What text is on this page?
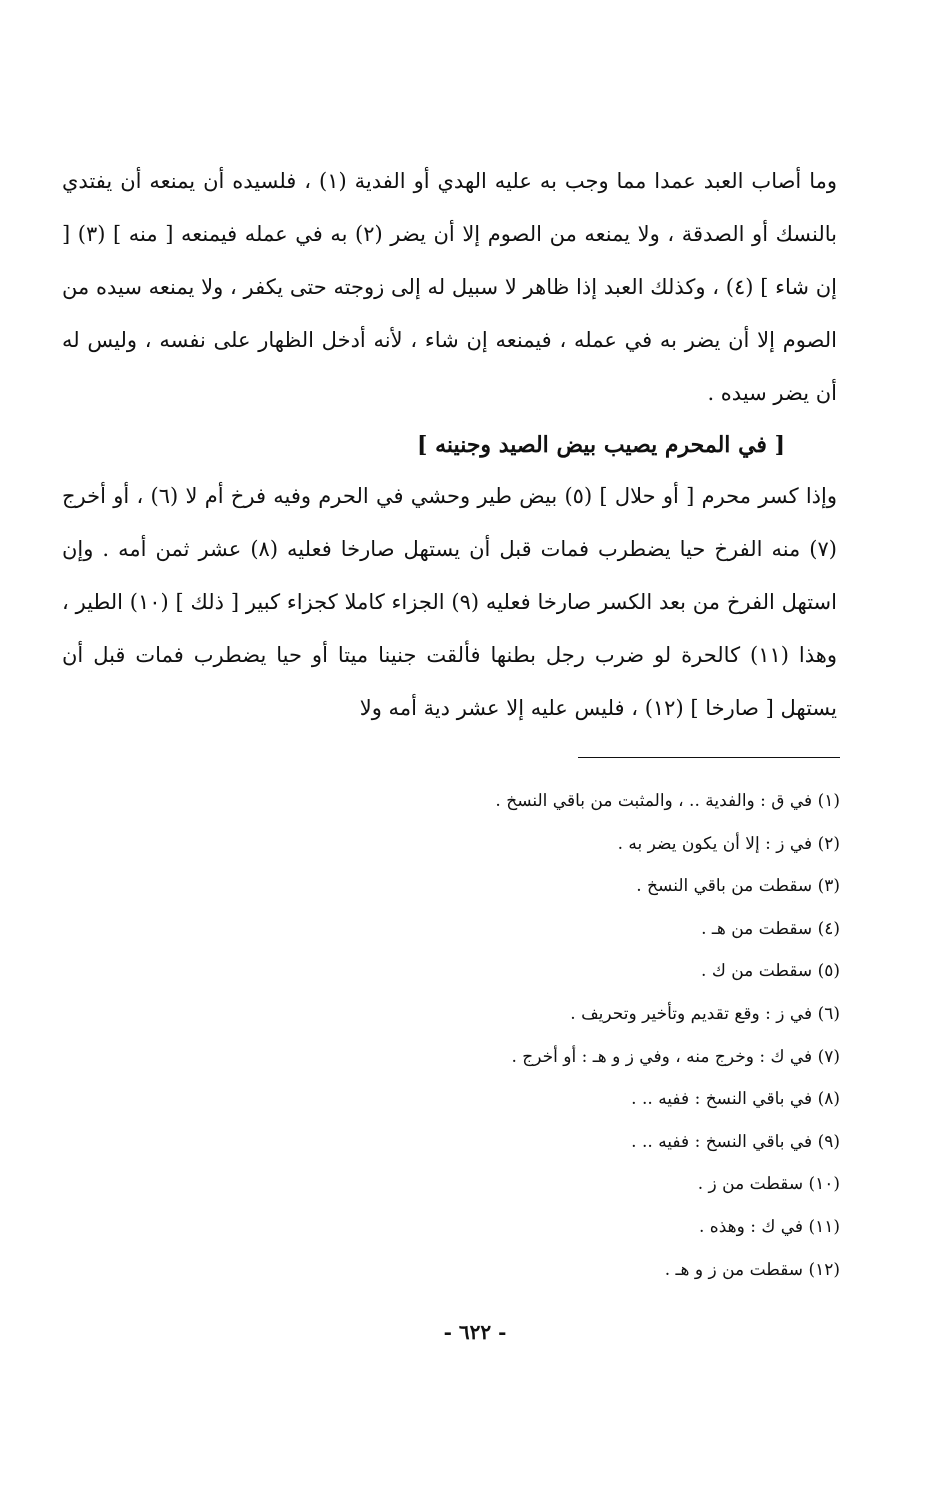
وما أصاب العبد عمدا مما وجب به عليه الهدي أو الفدية (١) ، فلسيده أن يمنعه أن يفتدي بالنسك أو الصدقة ، ولا يمنعه من الصوم إلا أن يضر (٢) به في عمله فيمنعه [ منه ] (٣) [ إن شاء ] (٤) ، وكذلك العبد إذا ظاهر لا سبيل له إلى زوجته حتى يكفر ، ولا يمنعه سيده من الصوم إلا أن يضر به في عمله ، فيمنعه إن شاء ، لأنه أدخل الظهار على نفسه ، وليس له أن يضر سيده .

[ في المحرم يصيب بيض الصيد وجنينه ]

وإذا كسر محرم [ أو حلال ] (٥) بيض طير وحشي في الحرم وفيه فرخ أم لا (٦) ، أو أخرج (٧) منه الفرخ حيا يضطرب فمات قبل أن يستهل صارخا فعليه (٨) عشر ثمن أمه . وإن استهل الفرخ من بعد الكسر صارخا فعليه (٩) الجزاء كاملا كجزاء كبير [ ذلك ] (١٠) الطير ، وهذا (١١) كالحرة لو ضرب رجل بطنها فألقت جنينا ميتا أو حيا يضطرب فمات قبل أن يستهل [ صارخا ] (١٢) ، فليس عليه إلا عشر دية أمه ولا

(١) في ق : والفدية .. ، والمثبت من باقي النسخ .
(٢) في ز : إلا أن يكون يضر به .
(٣) سقطت من باقي النسخ .
(٤) سقطت من هـ .
(٥) سقطت من ك .
(٦) في ز : وقع تقديم وتأخير وتحريف .
(٧) في ك : وخرج منه ، وفي ز و هـ : أو أخرج .
(٨) في باقي النسخ : ففيه .. .
(٩) في باقي النسخ : ففيه .. .
(١٠) سقطت من ز .
(١١) في ك : وهذه .
(١٢) سقطت من ز و هـ .
- ٦٢٢ -
